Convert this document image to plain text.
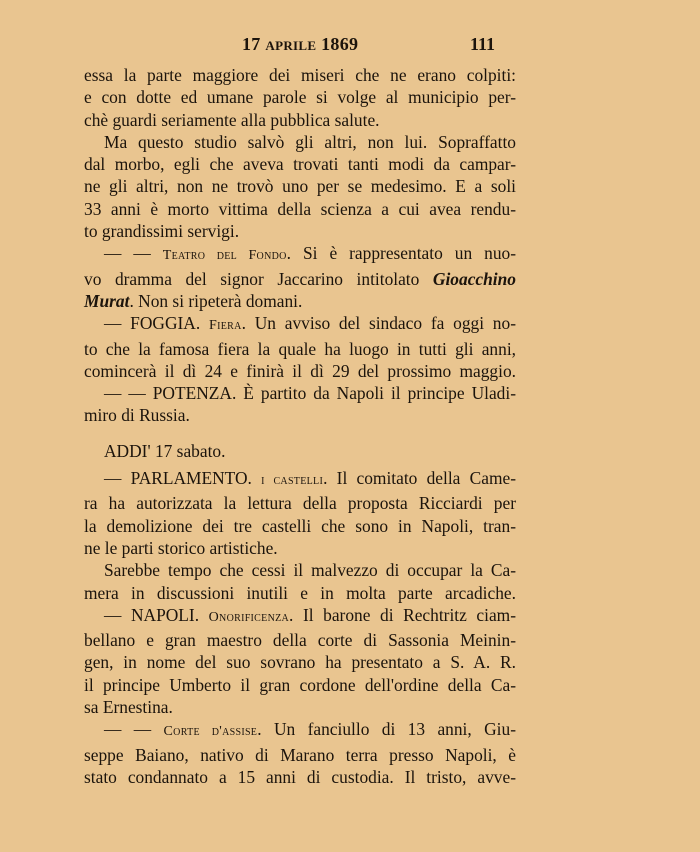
17 aprile 1869	111
essa la parte maggiore dei miseri che ne erano colpiti:
e con dotte ed umane parole si volge al municipio per-
chè guardi seriamente alla pubblica salute.
Ma questo studio salvò gli altri, non lui. Sopraffatto
dal morbo, egli che aveva trovati tanti modi da campar-
ne gli altri, non ne trovò uno per se medesimo. E a soli
33 anni è morto vittima della scienza a cui avea rendu-
to grandissimi servigi.
— — Teatro del Fondo. Si è rappresentato un nuo-
vo dramma del signor Jaccarino intitolato Gioacchino
Murat. Non si ripeterà domani.
— FOGGIA. Fiera. Un avviso del sindaco fa oggi no-
to che la famosa fiera la quale ha luogo in tutti gli anni,
comincerà il dì 24 e finirà il dì 29 del prossimo maggio.
— — POTENZA. È partito da Napoli il principe Uladi-
miro di Russia.
ADDI' 17 sabato.
— PARLAMENTO. i castelli. Il comitato della Came-
ra ha autorizzata la lettura della proposta Ricciardi per
la demolizione dei tre castelli che sono in Napoli, tran-
ne le parti storico artistiche.
Sarebbe tempo che cessi il malvezzo di occupar la Ca-
mera in discussioni inutili e in molta parte arcadiche.
— NAPOLI. Onorificenza. Il barone di Rechtritz ciam-
bellano e gran maestro della corte di Sassonia Meinin-
gen, in nome del suo sovrano ha presentato a S. A. R.
il principe Umberto il gran cordone dell'ordine della Ca-
sa Ernestina.
— — Corte d'assise. Un fanciullo di 13 anni, Giu-
seppe Baiano, nativo di Marano terra presso Napoli, è
stato condannato a 15 anni di custodia. Il tristo, avve-
